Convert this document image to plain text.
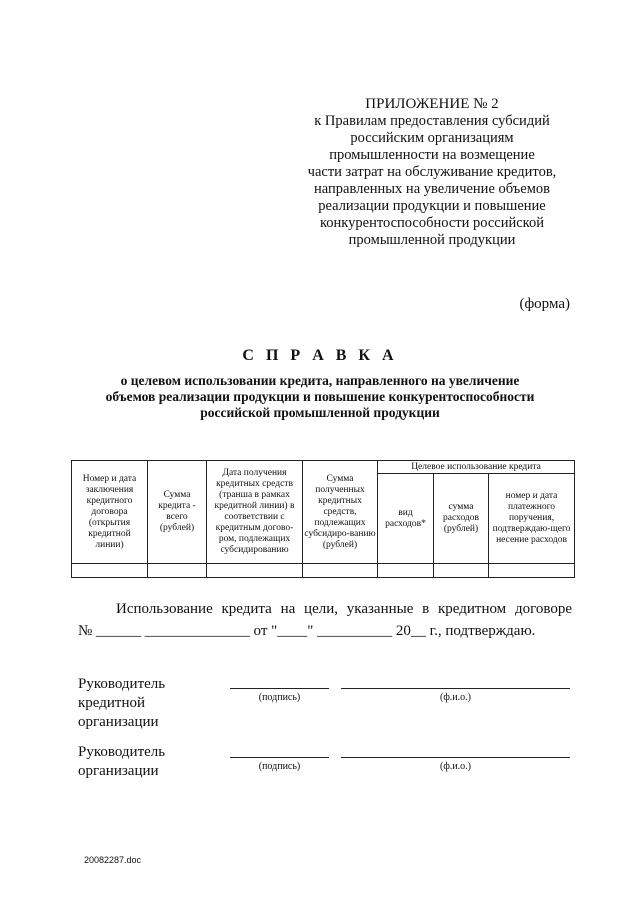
ПРИЛОЖЕНИЕ № 2
к Правилам предоставления субсидий
российским организациям
промышленности на возмещение
части затрат на обслуживание кредитов,
направленных на увеличение объемов
реализации продукции и повышение
конкурентоспособности российской
промышленной продукции
(форма)
С П Р А В К А
о целевом использовании кредита, направленного на увеличение
объемов реализации продукции и повышение конкурентоспособности
российской промышленной продукции
Номер и дата заключения кредитного договора (открытия кредитной линии)	Сумма кредита - всего (рублей)	Дата получения кредитных средств (транша в рамках кредитной линии) в соответствии с кредитным догово-ром, подлежащих субсидированию	Сумма полученных кредитных средств, подлежащих субсидиро-ванию (рублей)	Целевое использование кредита		
				вид расходов*	сумма расходов (рублей)	номер и дата платежного поручения, подтверждаю-щего несение расходов

Использование кредита на цели, указанные в кредитном договоре

№ ______ ______________ от "____" __________ 20__ г., подтверждаю.

Руководитель
кредитной
организации
(подпись)	(ф.и.о.)
Руководитель
организации	(подпись)	(ф.и.о.)
20082287.doc
